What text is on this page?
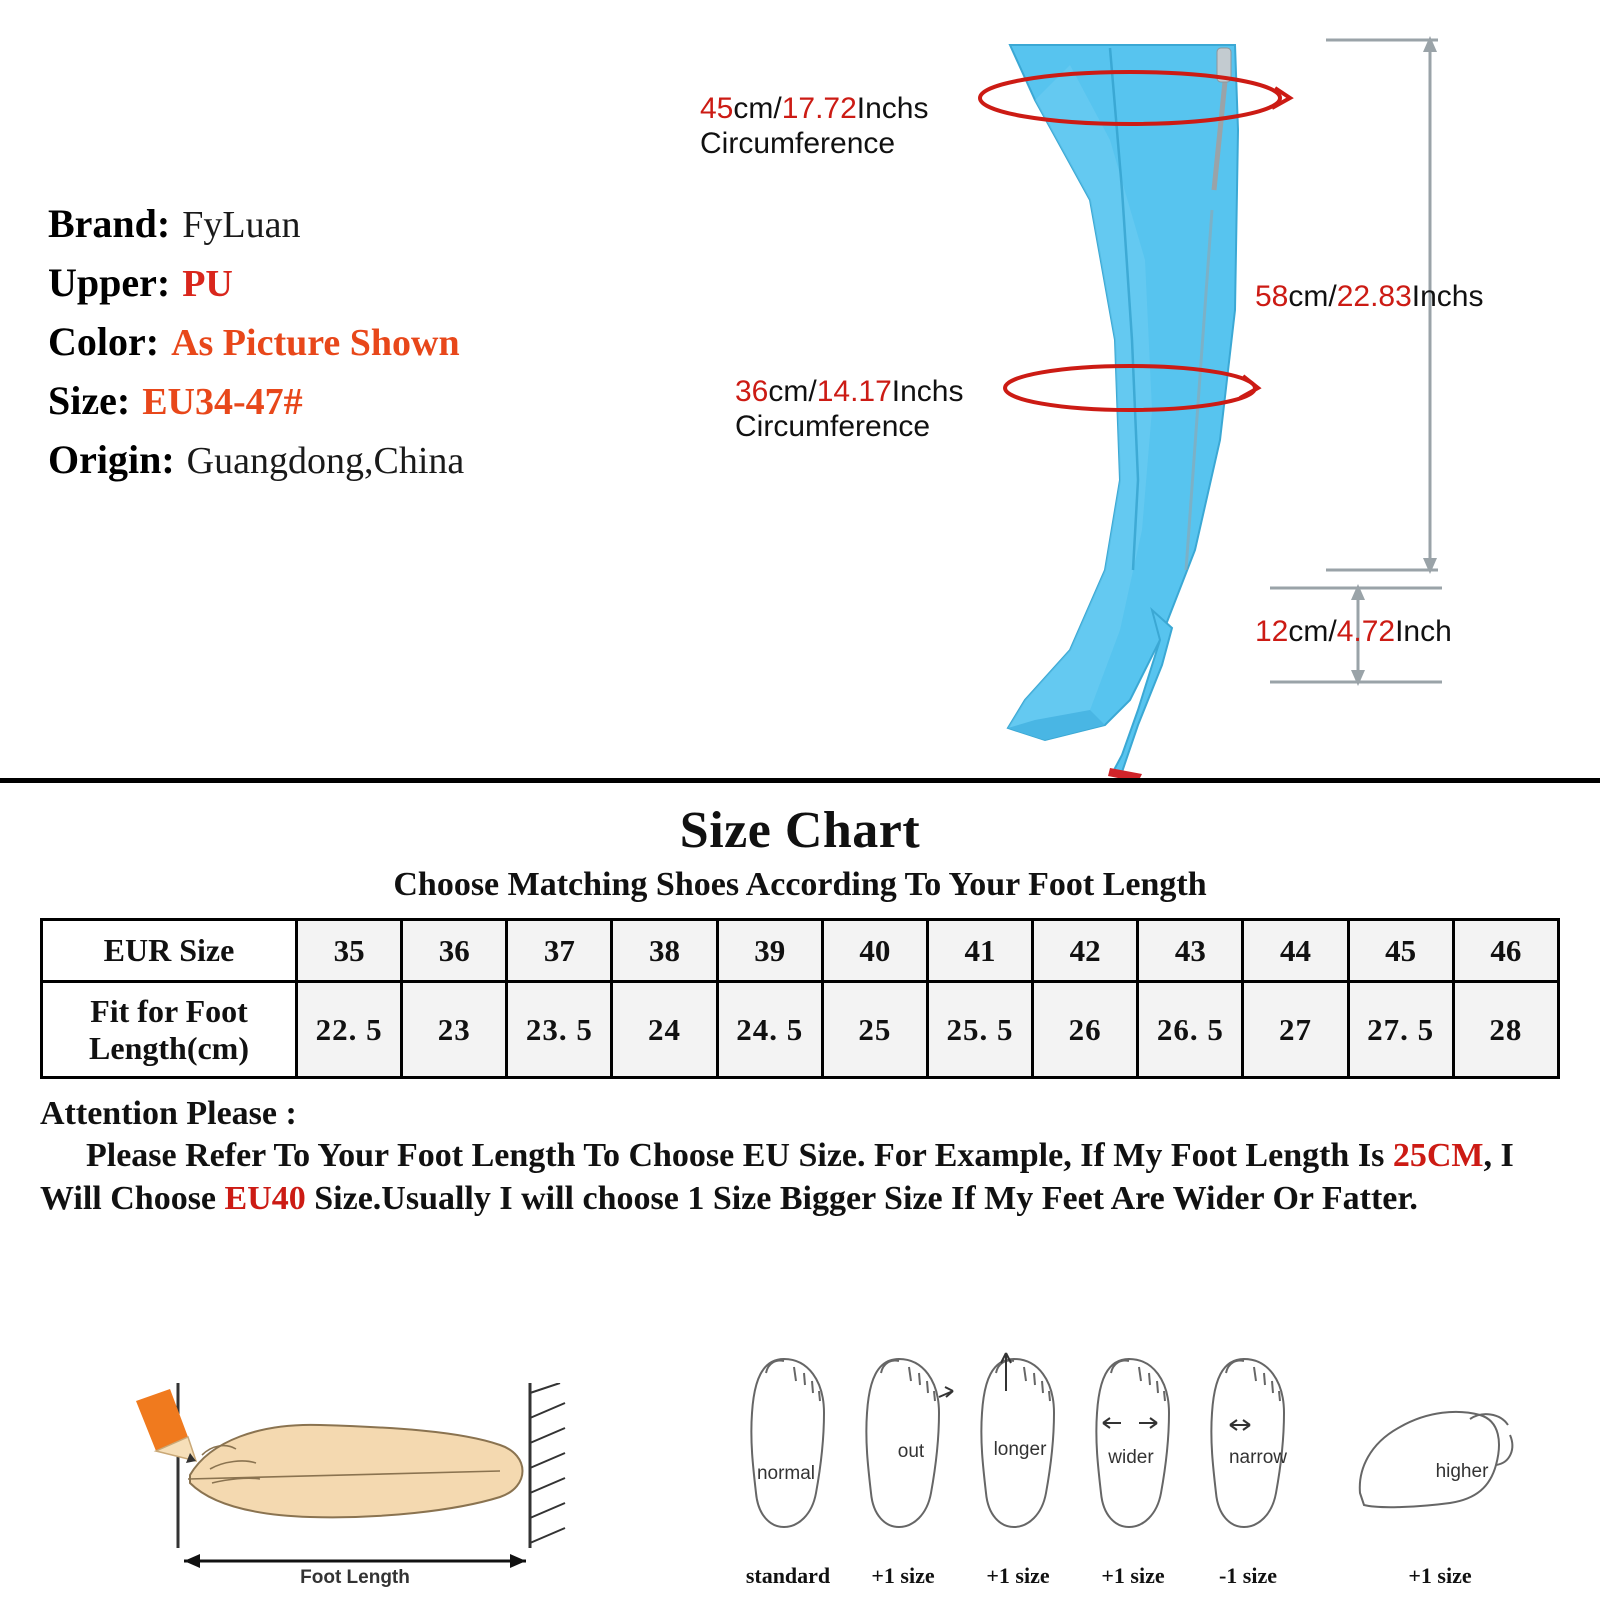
Brand: FyLuan
Upper: PU
Color: As Picture Shown
Size: EU34-47#
Origin: Guangdong,China
45cm/17.72Inchs
Circumference
36cm/14.17Inchs
Circumference
58cm/22.83Inchs
12cm/4.72Inch
Size Chart
Choose Matching Shoes According To Your Foot Length
EUR Size	35	36	37	38	39	40	41	42	43	44	45	46
Fit for Foot Length(cm)	22. 5	23	23. 5	24	24. 5	25	25. 5	26	26. 5	27	27. 5	28
Attention Please :
Please Refer To Your Foot Length To Choose EU Size. For Example, If My Foot Length Is 25CM, I Will Choose EU40 Size.Usually I will choose 1 Size Bigger Size If My Feet Are Wider Or Fatter.
Foot Length
normal
out	longer	wider	narrow
higher
standard +1 size +1 size +1 size -1 size	+1 size
